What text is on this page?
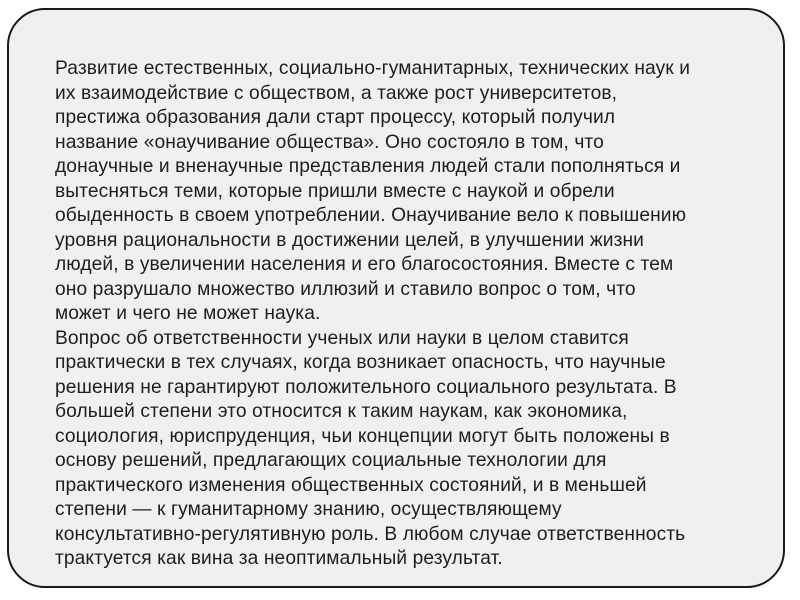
Развитие естественных, социально-гуманитарных, технических наук и
их взаимодействие с обществом, а также рост университетов,
престижа образования дали старт процессу, который получил
название «онаучивание общества». Оно состояло в том, что
донаучные и вненаучные представления людей стали пополняться и
вытесняться теми, которые пришли вместе с наукой и обрели
обыденность в своем употреблении. Онаучивание вело к повышению
уровня рациональности в достижении целей, в улучшении жизни
людей, в увеличении населения и его благосостояния. Вместе с тем
оно разрушало множество иллюзий и ставило вопрос о том, что
может и чего не может наука.
Вопрос об ответственности ученых или науки в целом ставится
практически в тех случаях, когда возникает опасность, что научные
решения не гарантируют положительного социального результата. В
большей степени это относится к таким наукам, как экономика,
социология, юриспруденция, чьи концепции могут быть положены в
основу решений, предлагающих социальные технологии для
практического изменения общественных состояний, и в меньшей
степени — к гуманитарному знанию, осуществляющему
консультативно-регулятивную роль. В любом случае ответственность
трактуется как вина за неоптимальный результат.
